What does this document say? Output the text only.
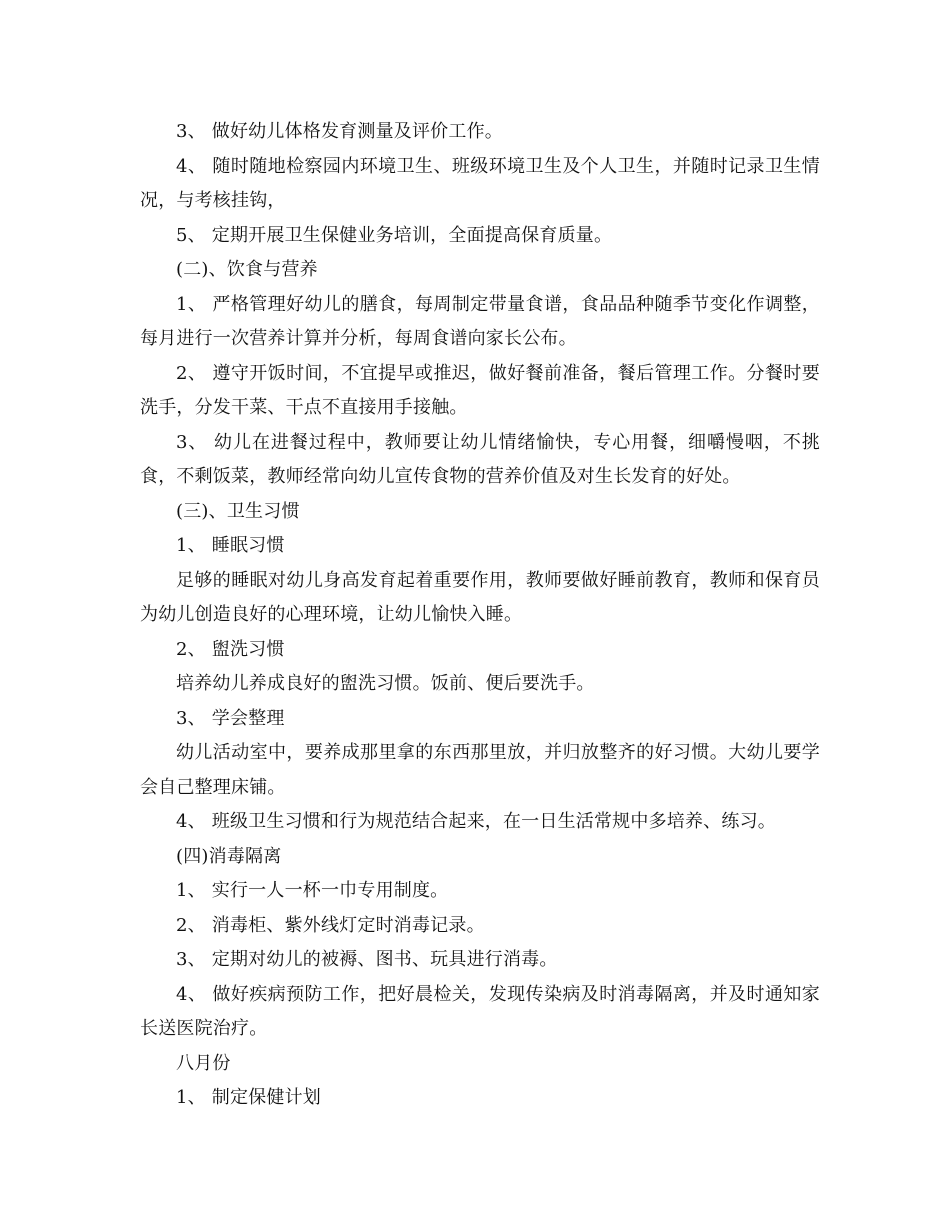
3、 做好幼儿体格发育测量及评价工作。

4、 随时随地检察园内环境卫生、班级环境卫生及个人卫生，并随时记录卫生情况，与考核挂钩，

5、 定期开展卫生保健业务培训，全面提高保育质量。

(二)、饮食与营养

1、 严格管理好幼儿的膳食，每周制定带量食谱，食品品种随季节变化作调整，每月进行一次营养计算并分析，每周食谱向家长公布。

2、 遵守开饭时间，不宜提早或推迟，做好餐前准备，餐后管理工作。分餐时要洗手，分发干菜、干点不直接用手接触。

3、 幼儿在进餐过程中，教师要让幼儿情绪愉快，专心用餐，细嚼慢咽，不挑食，不剩饭菜，教师经常向幼儿宣传食物的营养价值及对生长发育的好处。

(三)、卫生习惯

1、 睡眠习惯

足够的睡眠对幼儿身高发育起着重要作用，教师要做好睡前教育，教师和保育员为幼儿创造良好的心理环境，让幼儿愉快入睡。

2、 盥洗习惯

培养幼儿养成良好的盥洗习惯。饭前、便后要洗手。

3、 学会整理

幼儿活动室中，要养成那里拿的东西那里放，并归放整齐的好习惯。大幼儿要学会自己整理床铺。

4、 班级卫生习惯和行为规范结合起来，在一日生活常规中多培养、练习。

(四)消毒隔离

1、 实行一人一杯一巾专用制度。

2、 消毒柜、紫外线灯定时消毒记录。

3、 定期对幼儿的被褥、图书、玩具进行消毒。

4、 做好疾病预防工作，把好晨检关，发现传染病及时消毒隔离，并及时通知家长送医院治疗。

八月份

1、 制定保健计划
